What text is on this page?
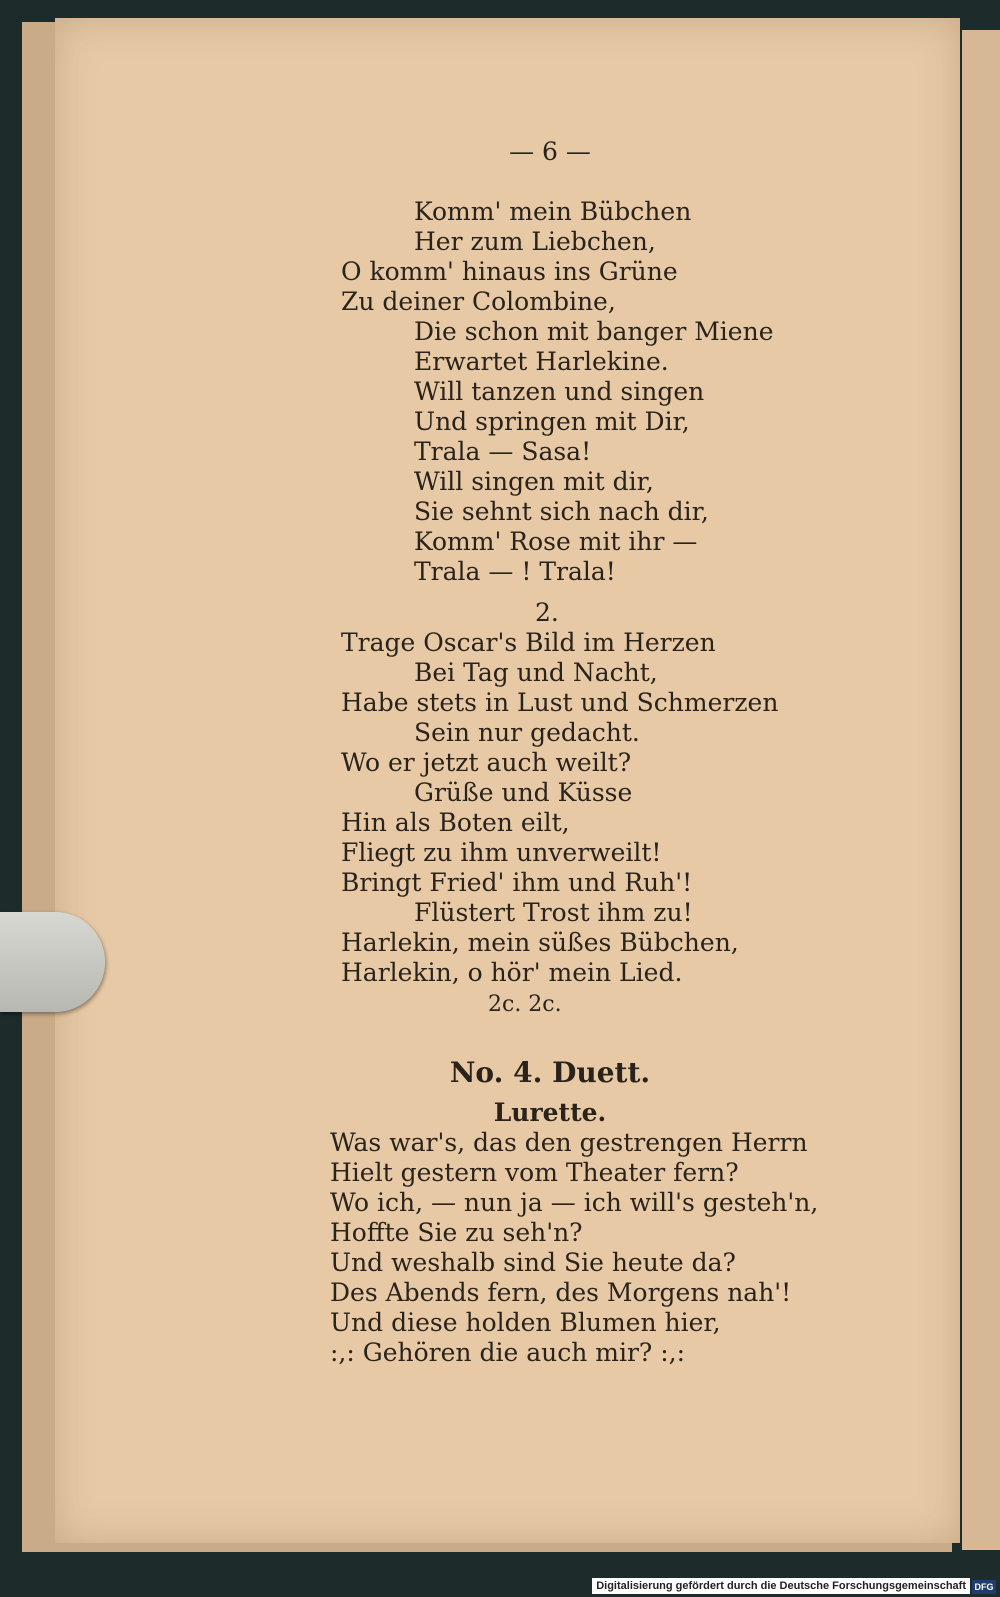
— 6 —
Komm' mein Bübchen
Her zum Liebchen,
O komm' hinaus ins Grüne
Zu deiner Colombine,
Die schon mit banger Miene
Erwartet Harlekine.
Will tanzen und singen
Und springen mit Dir,
Trala — Sasa!
Will singen mit dir,
Sie sehnt sich nach dir,
Komm' Rose mit ihr —
Trala — ! Trala!
2.
Trage Oscar's Bild im Herzen
Bei Tag und Nacht,
Habe stets in Lust und Schmerzen
Sein nur gedacht.
Wo er jetzt auch weilt?
Grüße und Küsse
Hin als Boten eilt,
Fliegt zu ihm unverweilt!
Bringt Fried' ihm und Ruh'!
Flüstert Trost ihm zu!
Harlekin, mein süßes Bübchen,
Harlekin, o hör' mein Lied.
2c. 2c.
No. 4. Duett.
Lurette.
Was war's, das den gestrengen Herrn
Hielt gestern vom Theater fern?
Wo ich, — nun ja — ich will's gesteh'n,
Hoffte Sie zu seh'n?
Und weshalb sind Sie heute da?
Des Abends fern, des Morgens nah'!
Und diese holden Blumen hier,
:,: Gehören die auch mir? :,:
Digitalisierung gefördert durch die Deutsche Forschungsgemeinschaft DFG
